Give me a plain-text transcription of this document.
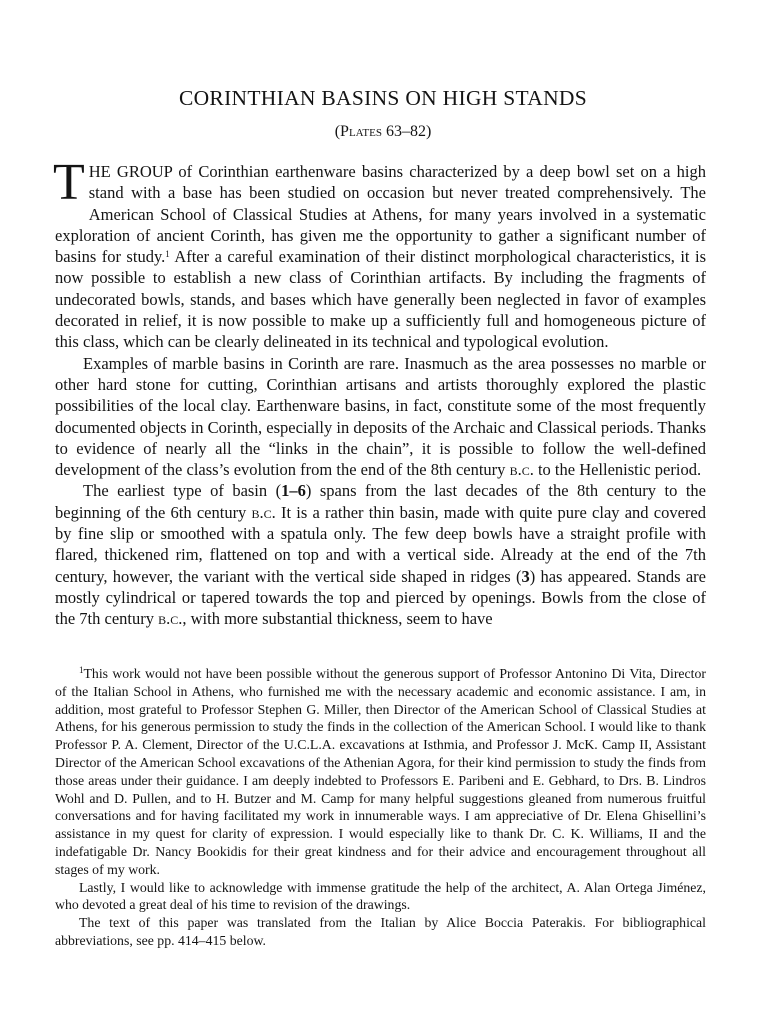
CORINTHIAN BASINS ON HIGH STANDS
(Plates 63–82)

THE GROUP of Corinthian earthenware basins characterized by a deep bowl set on a high stand with a base has been studied on occasion but never treated comprehensively. The American School of Classical Studies at Athens, for many years involved in a systematic exploration of ancient Corinth, has given me the opportunity to gather a significant number of basins for study.$^1$ After a careful examination of their distinct morphological characteristics, it is now possible to establish a new class of Corinthian artifacts. By including the fragments of undecorated bowls, stands, and bases which have generally been neglected in favor of examples decorated in relief, it is now possible to make up a sufficiently full and homogeneous picture of this class, which can be clearly delineated in its technical and typological evolution.

Examples of marble basins in Corinth are rare. Inasmuch as the area possesses no marble or other hard stone for cutting, Corinthian artisans and artists thoroughly explored the plastic possibilities of the local clay. Earthenware basins, in fact, constitute some of the most frequently documented objects in Corinth, especially in deposits of the Archaic and Classical periods. Thanks to evidence of nearly all the “links in the chain”, it is possible to follow the well-defined development of the class’s evolution from the end of the 8th century b.c. to the Hellenistic period.

The earliest type of basin (1–6) spans from the last decades of the 8th century to the beginning of the 6th century b.c. It is a rather thin basin, made with quite pure clay and covered by fine slip or smoothed with a spatula only. The few deep bowls have a straight profile with flared, thickened rim, flattened on top and with a vertical side. Already at the end of the 7th century, however, the variant with the vertical side shaped in ridges (3) has appeared. Stands are mostly cylindrical or tapered towards the top and pierced by openings. Bowls from the close of the 7th century b.c., with more substantial thickness, seem to have

$^1$This work would not have been possible without the generous support of Professor Antonino Di Vita, Director of the Italian School in Athens, who furnished me with the necessary academic and economic assistance. I am, in addition, most grateful to Professor Stephen G. Miller, then Director of the American School of Classical Studies at Athens, for his generous permission to study the finds in the collection of the American School. I would like to thank Professor P. A. Clement, Director of the U.C.L.A. excavations at Isthmia, and Professor J. McK. Camp II, Assistant Director of the American School excavations of the Athenian Agora, for their kind permission to study the finds from those areas under their guidance. I am deeply indebted to Professors E. Paribeni and E. Gebhard, to Drs. B. Lindros Wohl and D. Pullen, and to H. Butzer and M. Camp for many helpful suggestions gleaned from numerous fruitful conversations and for having facilitated my work in innumerable ways. I am appreciative of Dr. Elena Ghisellini’s assistance in my quest for clarity of expression. I would especially like to thank Dr. C. K. Williams, II and the indefatigable Dr. Nancy Bookidis for their great kindness and for their advice and encouragement throughout all stages of my work.

Lastly, I would like to acknowledge with immense gratitude the help of the architect, A. Alan Ortega Jiménez, who devoted a great deal of his time to revision of the drawings.

The text of this paper was translated from the Italian by Alice Boccia Paterakis. For bibliographical abbreviations, see pp. 414–415 below.
